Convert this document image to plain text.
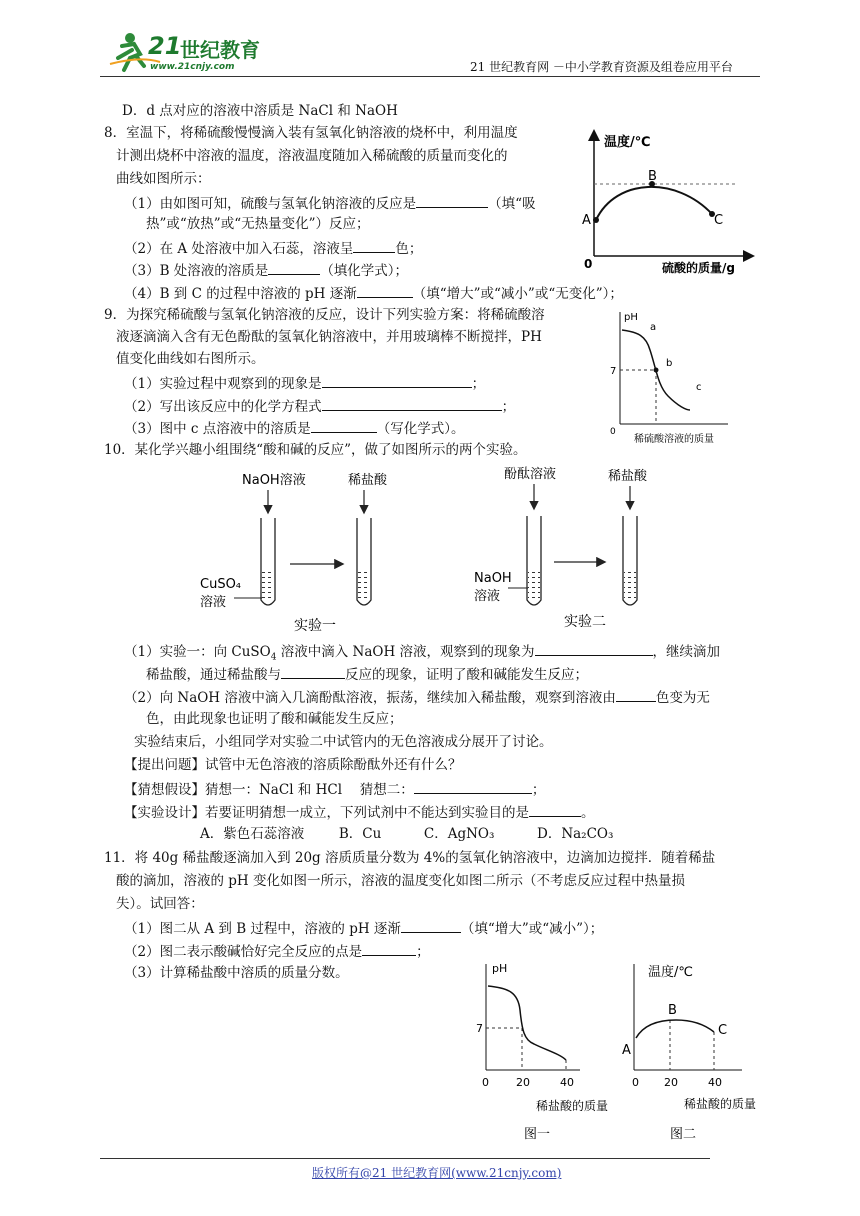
21
世纪教育
www.21cnjy.com	21 世纪教育网 －中小学教育资源及组卷应用平台
D．d 点对应的溶液中溶质是 NaCl 和 NaOH
8．室温下，将稀硫酸慢慢滴入装有氢氧化钠溶液的烧杯中，利用温度
计测出烧杯中溶液的温度，溶液温度随加入稀硫酸的质量而变化的
曲线如图所示：
（1）由如图可知，硫酸与氢氧化钠溶液的反应是	（填“吸
热”或“放热”或“无热量变化”）反应；
（2）在 A 处溶液中加入石蕊，溶液呈	色；
（3）B 处溶液的溶质是	（填化学式）；
（4）B 到 C 的过程中溶液的 pH 逐渐	（填“增大”或“减小”或“无变化”）；
温度/℃
A
B
C
0	硫酸的质量/g
9．为探究稀硫酸与氢氧化钠溶液的反应，设计下列实验方案：将稀硫酸溶
液逐滴滴入含有无色酚酞的氢氧化钠溶液中，并用玻璃棒不断搅拌，PH
值变化曲线如右图所示。
（1）实验过程中观察到的现象是	；
（2）写出该反应中的化学方程式	；
（3）图中 c 点溶液中的溶质是	（写化学式）。
pH
7
a
b
c
0
稀硫酸溶液的质量
10．某化学兴趣小组围绕“酸和碱的反应”，做了如图所示的两个实验。
NaOH溶液
CuSO₄
溶液
稀盐酸
实验一
酚酞溶液
NaOH
溶液
稀盐酸
实验二
（1）实验一：向 CuSO$_4$ 溶液中滴入 NaOH 溶液，观察到的现象为	，继续滴加
稀盐酸，通过稀盐酸与	反应的现象，证明了酸和碱能发生反应；
（2）向 NaOH 溶液中滴入几滴酚酞溶液，振荡，继续加入稀盐酸，观察到溶液由	色变为无
色，由此现象也证明了酸和碱能发生反应；
实验结束后，小组同学对实验二中试管内的无色溶液成分展开了讨论。
【提出问题】试管中无色溶液的溶质除酚酞外还有什么？
【猜想假设】猜想一：NaCl 和 HCl　 猜想二：	；
【实验设计】若要证明猜想一成立，下列试剂中不能达到实验目的是	。
A．紫色石蕊溶液	B．Cu	C．AgNO₃	D．Na₂CO₃
11．将 40g 稀盐酸逐滴加入到 20g 溶质质量分数为 4%的氢氧化钠溶液中，边滴加边搅拌．随着稀盐
酸的滴加，溶液的 pH 变化如图一所示，溶液的温度变化如图二所示（不考虑反应过程中热量损
失）。试回答：
（1）图二从 A 到 B 过程中，溶液的 pH 逐渐	（填“增大”或“减小”）；
（2）图二表示酸碱恰好完全反应的点是	；
（3）计算稀盐酸中溶质的质量分数。	pH
7
0 20	40
稀盐酸的质量
图一
温度/℃
A
B
C
0 20	40
稀盐酸的质量
图二
版权所有@21 世纪教育网(www.21cnjy.com)
